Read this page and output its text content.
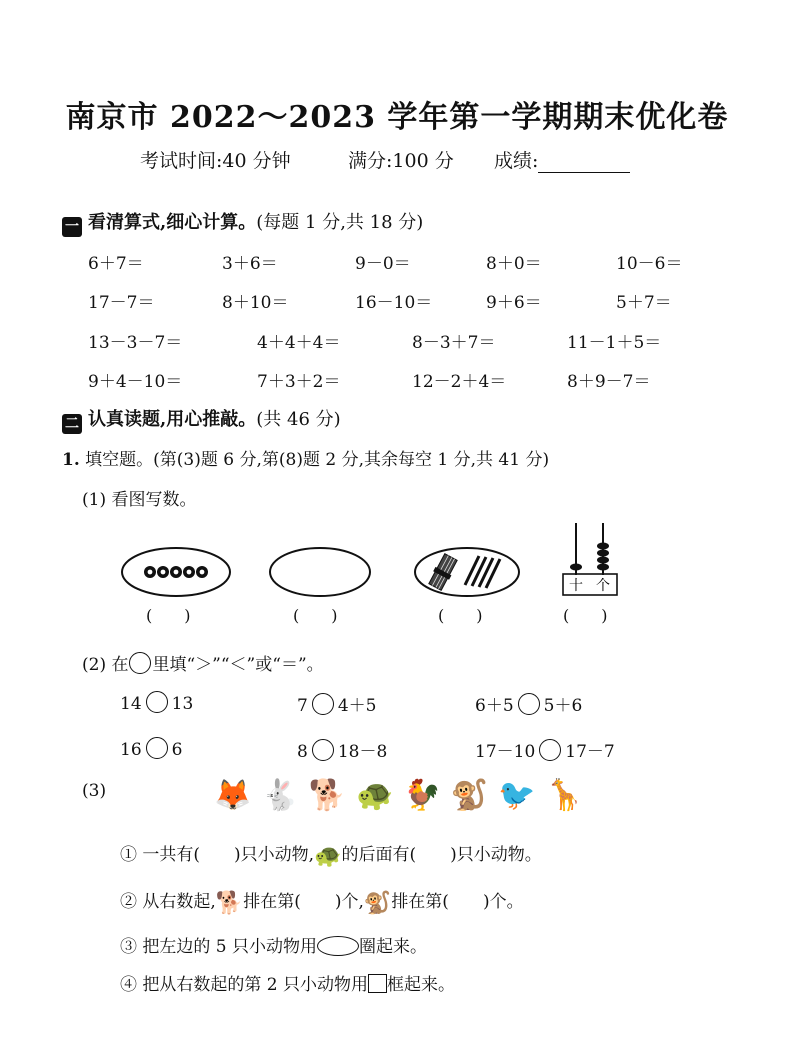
南京市 2022～2023 学年第一学期期末优化卷
考试时间:40 分钟	满分:100 分 成绩:
一 看清算式,细心计算。(每题 1 分,共 18 分)
6＋7＝	3＋6＝	9－0＝	8＋0＝	10－6＝
17－7＝	8＋10＝	16－10＝	9＋6＝	5＋7＝
13－3－7＝	4＋4＋4＝	8－3＋7＝	11－1＋5＝
9＋4－10＝	7＋3＋2＝	12－2＋4＝	8＋9－7＝
二 认真读题,用心推敲。(共 46 分)
1. 填空题。(第(3)题 6 分,第(8)题 2 分,其余每空 1 分,共 41 分)
(1) 看图写数。
十 个
(　　)	(　　)	(　　)	(　　)
(2) 在 里填“＞”“＜”或“＝”。
14 13	7 4＋5	6＋5 5＋6
16 6	8 18－8	17－10 17－7
(3)	🦊🐇🐕🐢🐓🐒🐦🦒
① 一共有( )只小动物,🐢的后面有( )只小动物。
② 从右数起,🐕排在第( )个,🐒排在第( )个。
③ 把左边的 5 只小动物用 圈起来。
④ 把从右数起的第 2 只小动物用 框起来。
